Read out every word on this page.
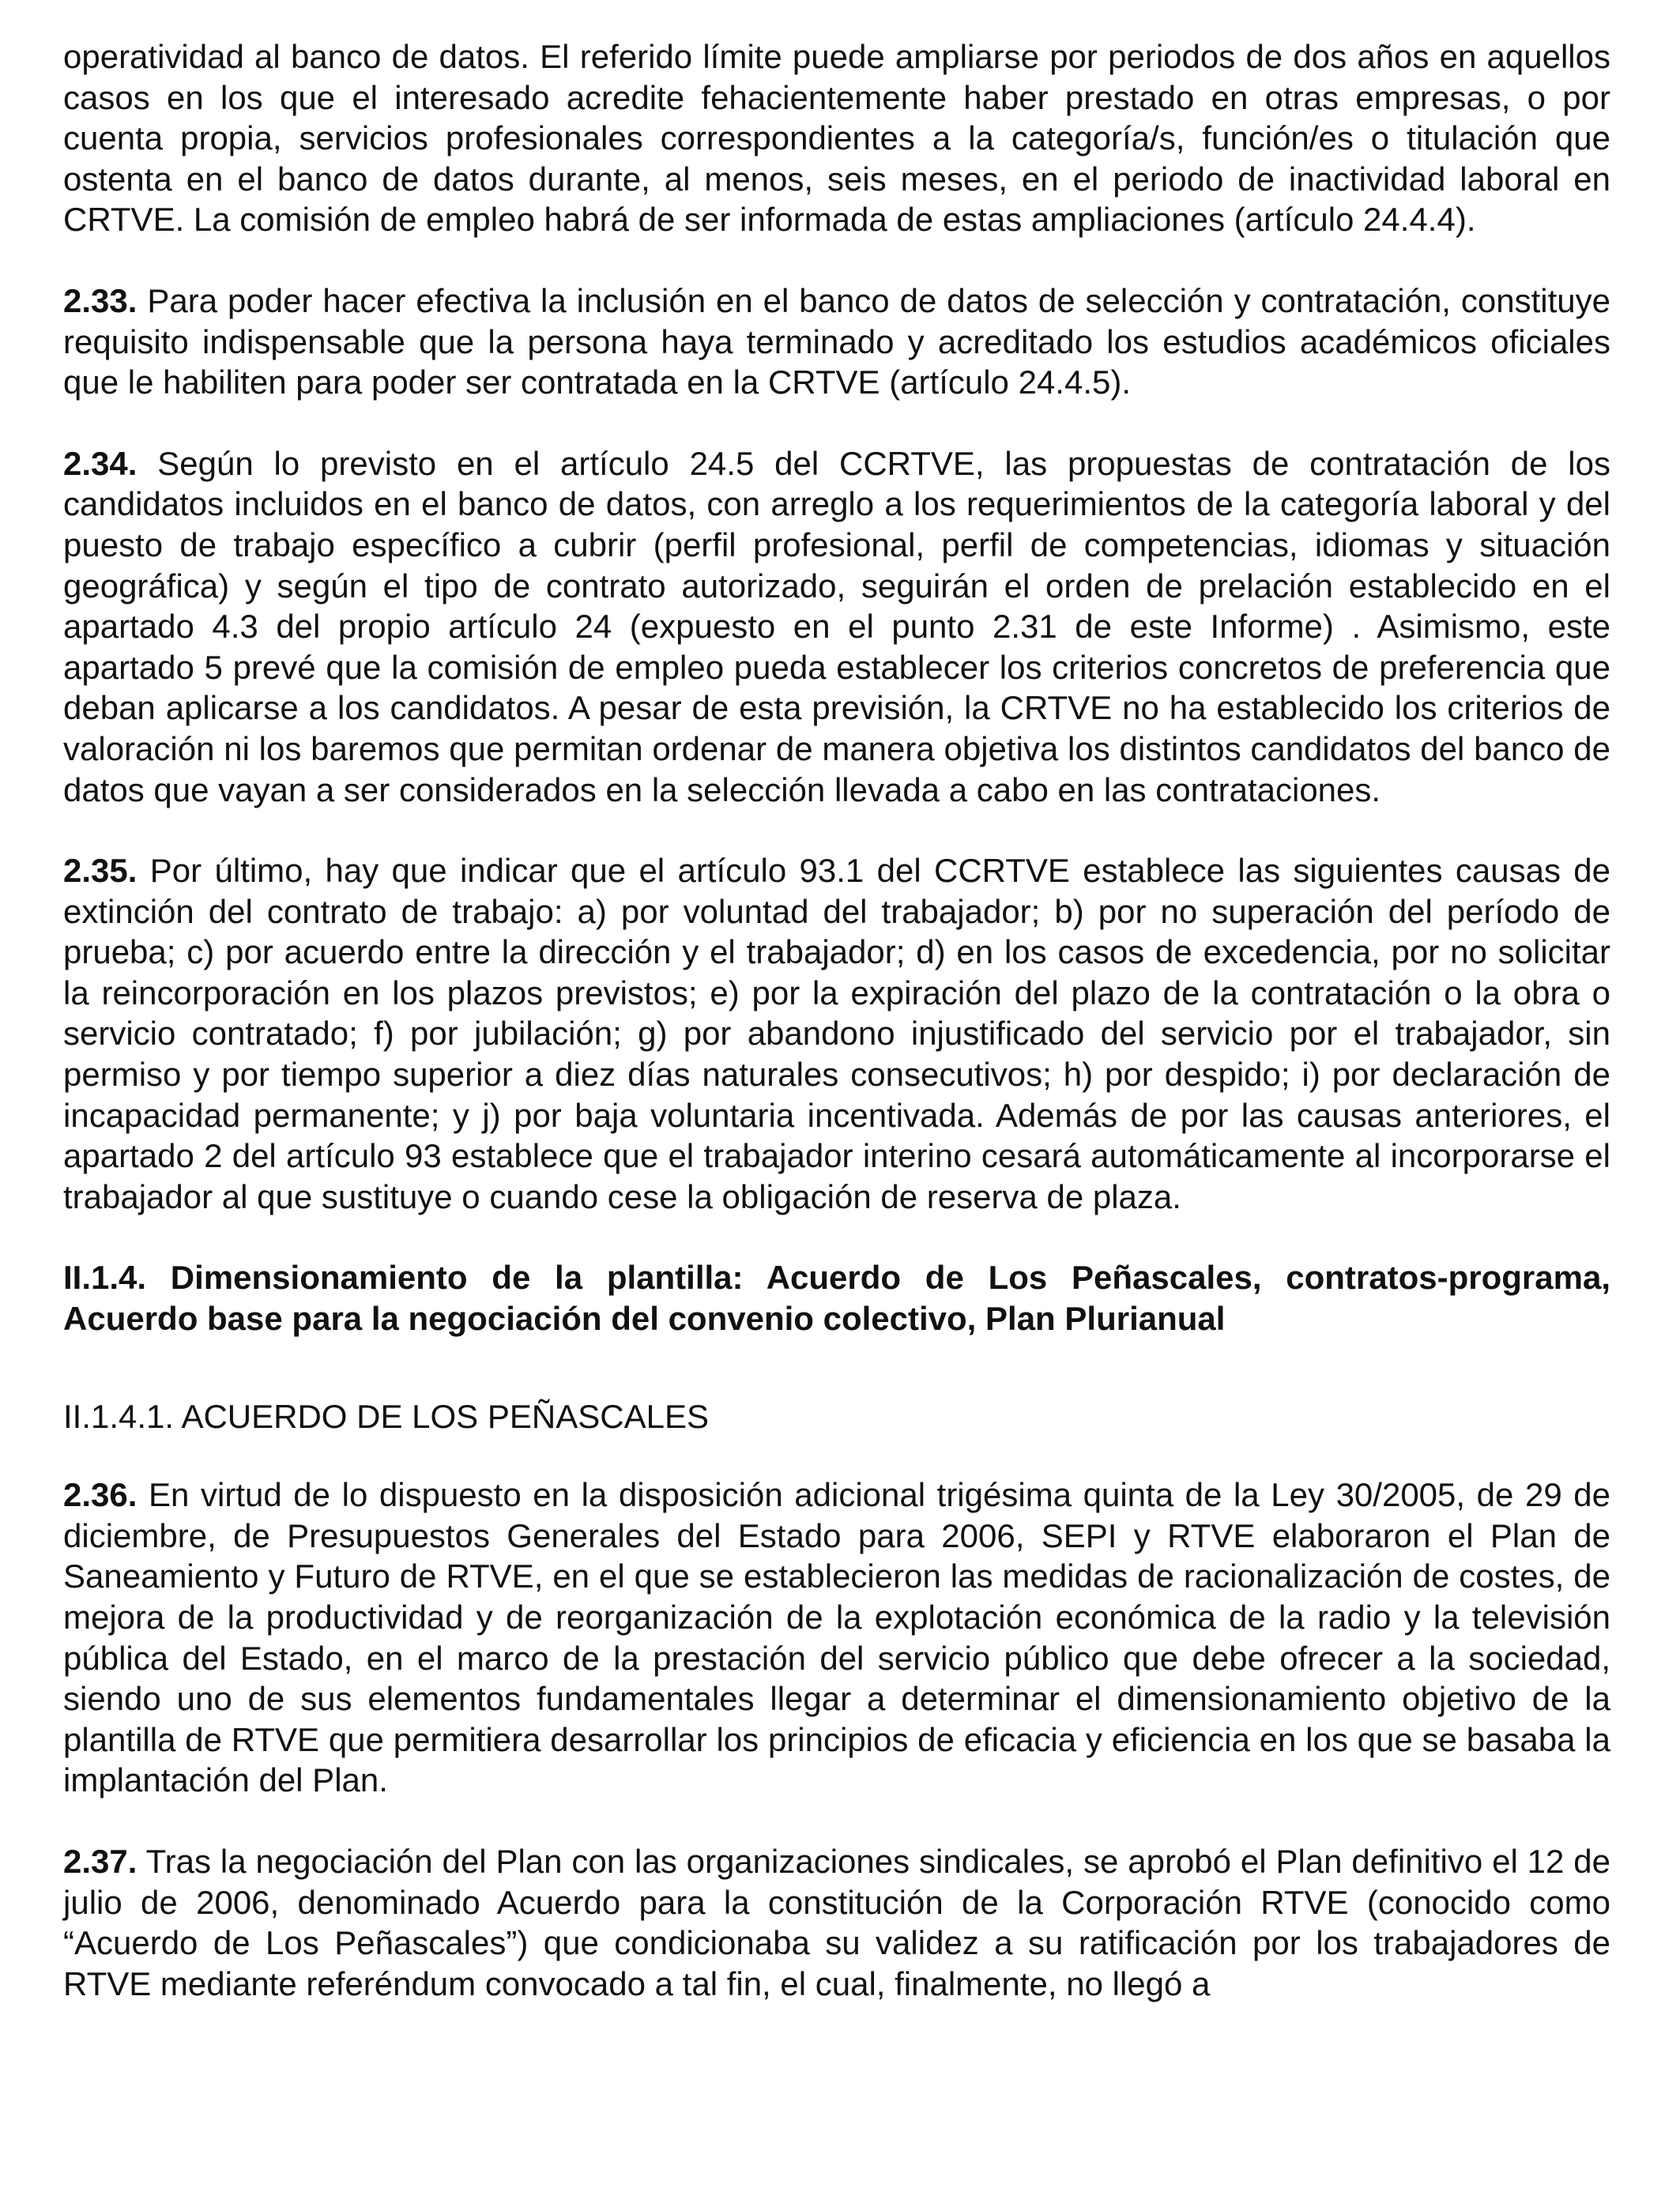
operatividad al banco de datos. El referido límite puede ampliarse por periodos de dos años en aquellos casos en los que el interesado acredite fehacientemente haber prestado en otras empresas, o por cuenta propia, servicios profesionales correspondientes a la categoría/s, función/es o titulación que ostenta en el banco de datos durante, al menos, seis meses, en el periodo de inactividad laboral en CRTVE. La comisión de empleo habrá de ser informada de estas ampliaciones (artículo 24.4.4).

2.33. Para poder hacer efectiva la inclusión en el banco de datos de selección y contratación, constituye requisito indispensable que la persona haya terminado y acreditado los estudios académicos oficiales que le habiliten para poder ser contratada en la CRTVE (artículo 24.4.5).

2.34. Según lo previsto en el artículo 24.5 del CCRTVE, las propuestas de contratación de los candidatos incluidos en el banco de datos, con arreglo a los requerimientos de la categoría laboral y del puesto de trabajo específico a cubrir (perfil profesional, perfil de competencias, idiomas y situación geográfica) y según el tipo de contrato autorizado, seguirán el orden de prelación establecido en el apartado 4.3 del propio artículo 24 (expuesto en el punto 2.31 de este Informe) . Asimismo, este apartado 5 prevé que la comisión de empleo pueda establecer los criterios concretos de preferencia que deban aplicarse a los candidatos. A pesar de esta previsión, la CRTVE no ha establecido los criterios de valoración ni los baremos que permitan ordenar de manera objetiva los distintos candidatos del banco de datos que vayan a ser considerados en la selección llevada a cabo en las contrataciones.

2.35. Por último, hay que indicar que el artículo 93.1 del CCRTVE establece las siguientes causas de extinción del contrato de trabajo: a) por voluntad del trabajador; b) por no superación del período de prueba; c) por acuerdo entre la dirección y el trabajador; d) en los casos de excedencia, por no solicitar la reincorporación en los plazos previstos; e) por la expiración del plazo de la contratación o la obra o servicio contratado; f) por jubilación; g) por abandono injustificado del servicio por el trabajador, sin permiso y por tiempo superior a diez días naturales consecutivos; h) por despido; i) por declaración de incapacidad permanente; y j) por baja voluntaria incentivada. Además de por las causas anteriores, el apartado 2 del artículo 93 establece que el trabajador interino cesará automáticamente al incorporarse el trabajador al que sustituye o cuando cese la obligación de reserva de plaza.

II.1.4. Dimensionamiento de la plantilla: Acuerdo de Los Peñascales, contratos-programa, Acuerdo base para la negociación del convenio colectivo, Plan Plurianual

II.1.4.1. ACUERDO DE LOS PEÑASCALES

2.36. En virtud de lo dispuesto en la disposición adicional trigésima quinta de la Ley 30/2005, de 29 de diciembre, de Presupuestos Generales del Estado para 2006, SEPI y RTVE elaboraron el Plan de Saneamiento y Futuro de RTVE, en el que se establecieron las medidas de racionalización de costes, de mejora de la productividad y de reorganización de la explotación económica de la radio y la televisión pública del Estado, en el marco de la prestación del servicio público que debe ofrecer a la sociedad, siendo uno de sus elementos fundamentales llegar a determinar el dimensionamiento objetivo de la plantilla de RTVE que permitiera desarrollar los principios de eficacia y eficiencia en los que se basaba la implantación del Plan.

2.37. Tras la negociación del Plan con las organizaciones sindicales, se aprobó el Plan definitivo el 12 de julio de 2006, denominado Acuerdo para la constitución de la Corporación RTVE (conocido como “Acuerdo de Los Peñascales”) que condicionaba su validez a su ratificación por los trabajadores de RTVE mediante referéndum convocado a tal fin, el cual, finalmente, no llegó a
